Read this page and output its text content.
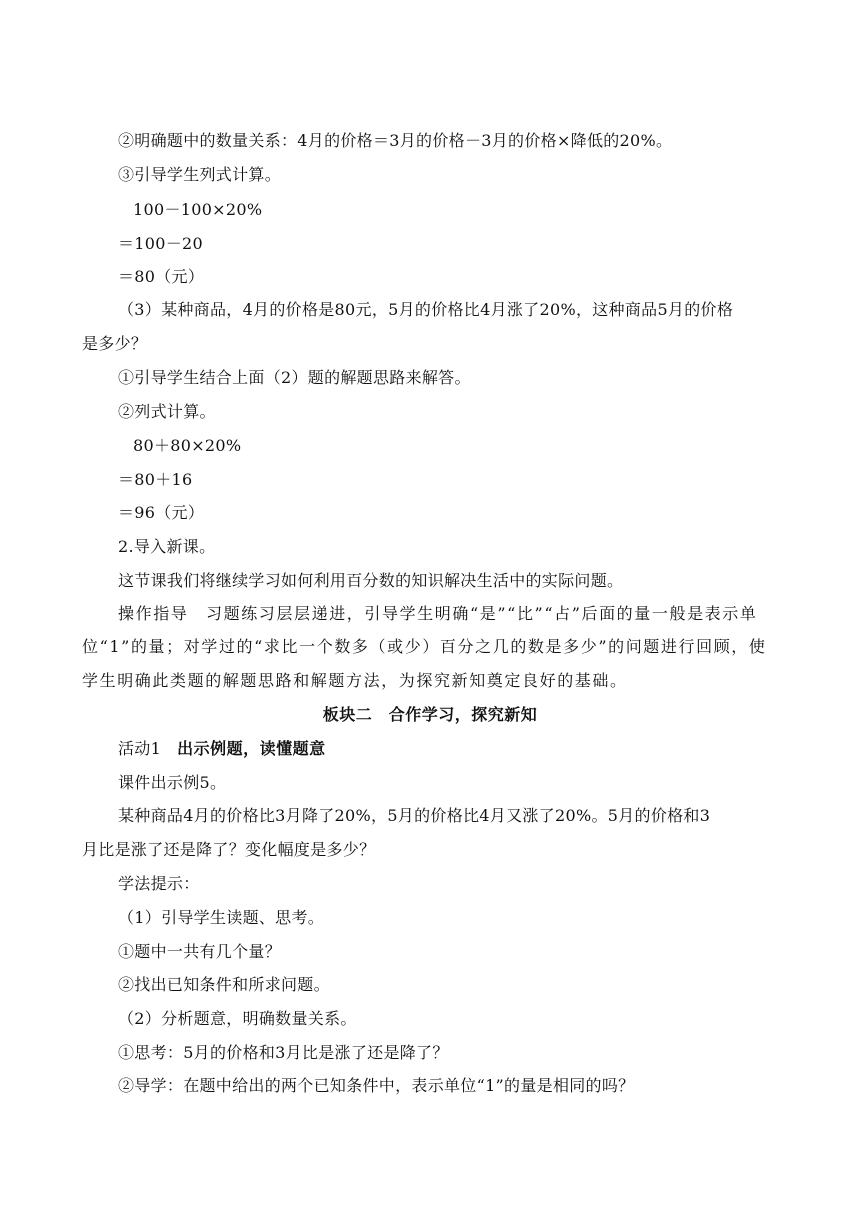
②明确题中的数量关系：4月的价格＝3月的价格－3月的价格×降低的20%。
③引导学生列式计算。
100－100×20%
＝100－20
＝80（元）
（3）某种商品，4月的价格是80元，5月的价格比4月涨了20%，这种商品5月的价格
是多少？
①引导学生结合上面（2）题的解题思路来解答。
②列式计算。
80＋80×20%
＝80＋16
＝96（元）
2.导入新课。
这节课我们将继续学习如何利用百分数的知识解决生活中的实际问题。
操作指导　习题练习层层递进，引导学生明确“是”“比”“占”后面的量一般是表示单
位“1”的量；对学过的“求比一个数多（或少）百分之几的数是多少”的问题进行回顾，使
学生明确此类题的解题思路和解题方法，为探究新知奠定良好的基础。
板块二　合作学习，探究新知
活动1 出示例题，读懂题意
课件出示例5。
某种商品4月的价格比3月降了20%，5月的价格比4月又涨了20%。5月的价格和3
月比是涨了还是降了？变化幅度是多少？
学法提示：
（1）引导学生读题、思考。
①题中一共有几个量？
②找出已知条件和所求问题。
（2）分析题意，明确数量关系。
①思考：5月的价格和3月比是涨了还是降了？
②导学：在题中给出的两个已知条件中，表示单位“1”的量是相同的吗？
